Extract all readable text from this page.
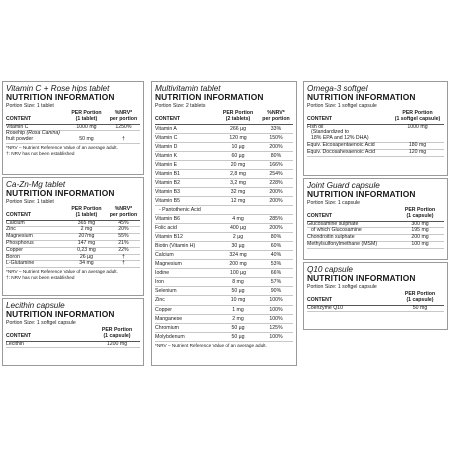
Vitamin C + Rose hips tablet
NUTRITION INFORMATION
Portion Size: 1 tablet
CONTENT
PER Portion
(1 tablet)
%NRV*
per portion
Vitamin C	1000 mg	1250%
Rosehip (Rosa Canina)
fruit powder	50 mg	†
*NRV – Nutrient Reference Value of an average adult.
†: NRV has not been established
Ca-Zn-Mg tablet
NUTRITION INFORMATION
Portion Size: 1 tablet
CONTENT
PER Portion
(1 tablet)
%NRV*
per portion
Calcium	365 mg	45%
Zinc	2 mg	20%
Magnesium	207mg	55%
Phosphorus	147 mg	21%
Copper	0,23 mg	22%
Boron	26 µg	†
L-Glutamine	34 mg	†
*NRV – Nutrient Reference Value of an average adult.
†: NRV has not been established
Lecithin capsule
NUTRITION INFORMATION
Portion Size: 1 softgel capsule
CONTENT
PER Portion
(1 capsule)
Lecithin	1200 mg
Multivitamin tablet
NUTRITION INFORMATION
Portion Size: 2 tablets
CONTENT
PER Portion
(2 tablets)
%NRV*
per portion
Vitamin A	266 µg	33%
Vitamin C	120 mg	150%
Vitamin D	10 µg	200%
Vitamin K	60 µg	80%
Vitamin E	20 mg	166%
Vitamin B1	2,8 mg	254%
Vitamin B2	3,2 mg	228%
Vitamin B3	32 mg	200%
Vitamin B5	12 mg	200%
- Pantothenic Acid
Vitamin B6	4 mg	285%
Folic acid	400 µg	200%
Vitamin B12	2 µg	80%
Biotin (Vitamin H)	30 µg	60%
Calcium	324 mg	40%
Magnesium	200 mg	53%
Iodine	100 µg	66%
Iron	8 mg	57%
Selenium	50 µg	90%
Zinc	10 mg	100%
Copper	1 mg	100%
Manganese	2 mg	100%
Chromium	50 µg	125%
Molybdenum	50 µg	100%
*NRV – Nutrient Reference Value of an average adult.
Omega-3 softgel
NUTRITION INFORMATION
Portion Size: 1 softgel capsule
CONTENT
PER Portion
(1 softgel capsule)
Fish oil
(Standardized to
18% EPA and 12% DHA)
1000 mg
Equiv. Eicosapentaenoic Acid	180 mg
Equiv. Docosahexaenoic Acid	120 mg
Joint Guard capsule
NUTRITION INFORMATION
Portion Size: 1 capsule
CONTENT
PER Portion
(1 capsule)
Glucosamine sulphate	300 mg
of which Glucosamine	195 mg
Chondroitin sulphate	200 mg
Methylsulfonylmethane (MSM)	100 mg
Q10 capsule
NUTRITION INFORMATION
Portion Size: 1 softgel capsule
CONTENT
PER Portion
(1 capsule)
Coenzyme Q10	50 mg
